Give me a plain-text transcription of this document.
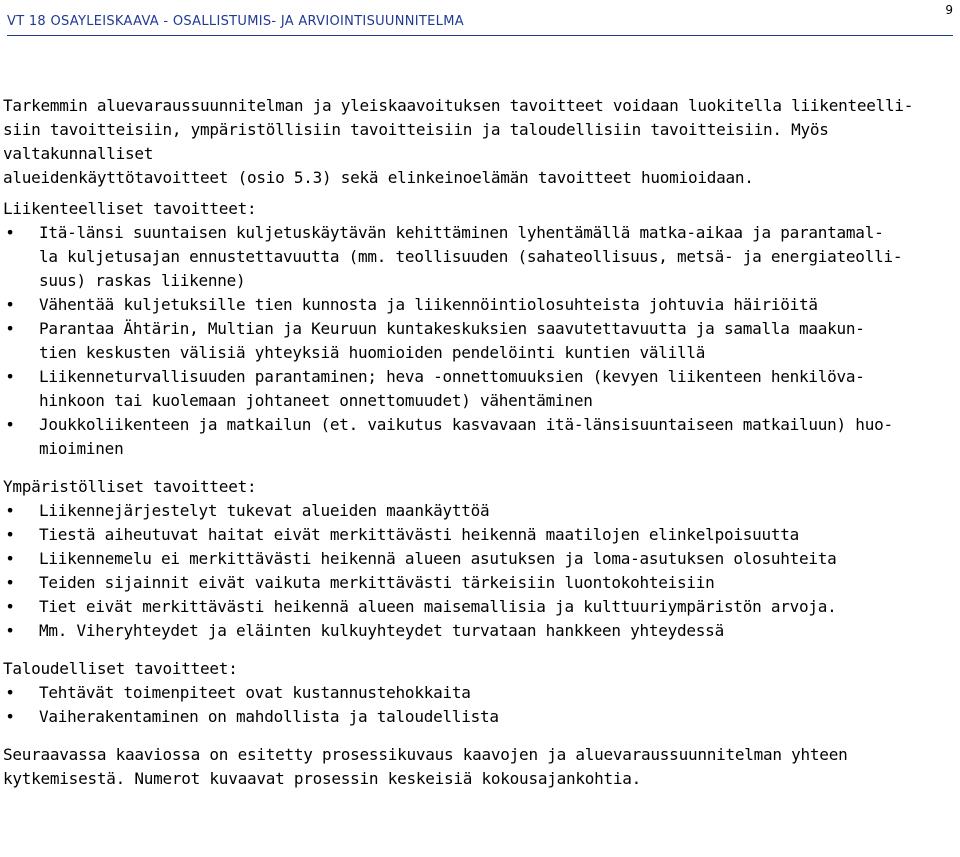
VT 18 OSAYLEISKAAVA - OSALLISTUMIS- JA ARVIOINTISUUNNITELMA
9

Tarkemmin aluevaraussuunnitelman ja yleiskaavoituksen tavoitteet voidaan luokitella liikenteelli-
siin tavoitteisiin, ympäristöllisiin tavoitteisiin ja taloudellisiin tavoitteisiin. Myös valtakunnalliset
alueidenkäyttötavoitteet (osio 5.3) sekä elinkeinoelämän tavoitteet huomioidaan.

Liikenteelliset tavoitteet:

• Itä-länsi suuntaisen kuljetuskäytävän kehittäminen lyhentämällä matka-aikaa ja parantamal-
la kuljetusajan ennustettavuutta (mm. teollisuuden (sahateollisuus, metsä- ja energiateolli-
suus) raskas liikenne)
• Vähentää kuljetuksille tien kunnosta ja liikennöintiolosuhteista johtuvia häiriöitä
• Parantaa Ähtärin, Multian ja Keuruun kuntakeskuksien saavutettavuutta ja samalla maakun-
tien keskusten välisiä yhteyksiä huomioiden pendelöinti kuntien välillä
• Liikenneturvallisuuden parantaminen; heva -onnettomuuksien (kevyen liikenteen henkilöva-
hinkoon tai kuolemaan johtaneet onnettomuudet) vähentäminen
• Joukkoliikenteen ja matkailun (et. vaikutus kasvavaan itä-länsisuuntaiseen matkailuun) huo-
mioiminen

Ympäristölliset tavoitteet:

• Liikennejärjestelyt tukevat alueiden maankäyttöä
• Tiestä aiheutuvat haitat eivät merkittävästi heikennä maatilojen elinkelpoisuutta
• Liikennemelu ei merkittävästi heikennä alueen asutuksen ja loma-asutuksen olosuhteita
• Teiden sijainnit eivät vaikuta merkittävästi tärkeisiin luontokohteisiin
• Tiet eivät merkittävästi heikennä alueen maisemallisia ja kulttuuriympäristön arvoja.
• Mm. Viheryhteydet ja eläinten kulkuyhteydet turvataan hankkeen yhteydessä

Taloudelliset tavoitteet:

• Tehtävät toimenpiteet ovat kustannustehokkaita
• Vaiherakentaminen on mahdollista ja taloudellista

Seuraavassa kaaviossa on esitetty prosessikuvaus kaavojen ja aluevaraussuunnitelman yhteen
kytkemisestä. Numerot kuvaavat prosessin keskeisiä kokousajankohtia.
